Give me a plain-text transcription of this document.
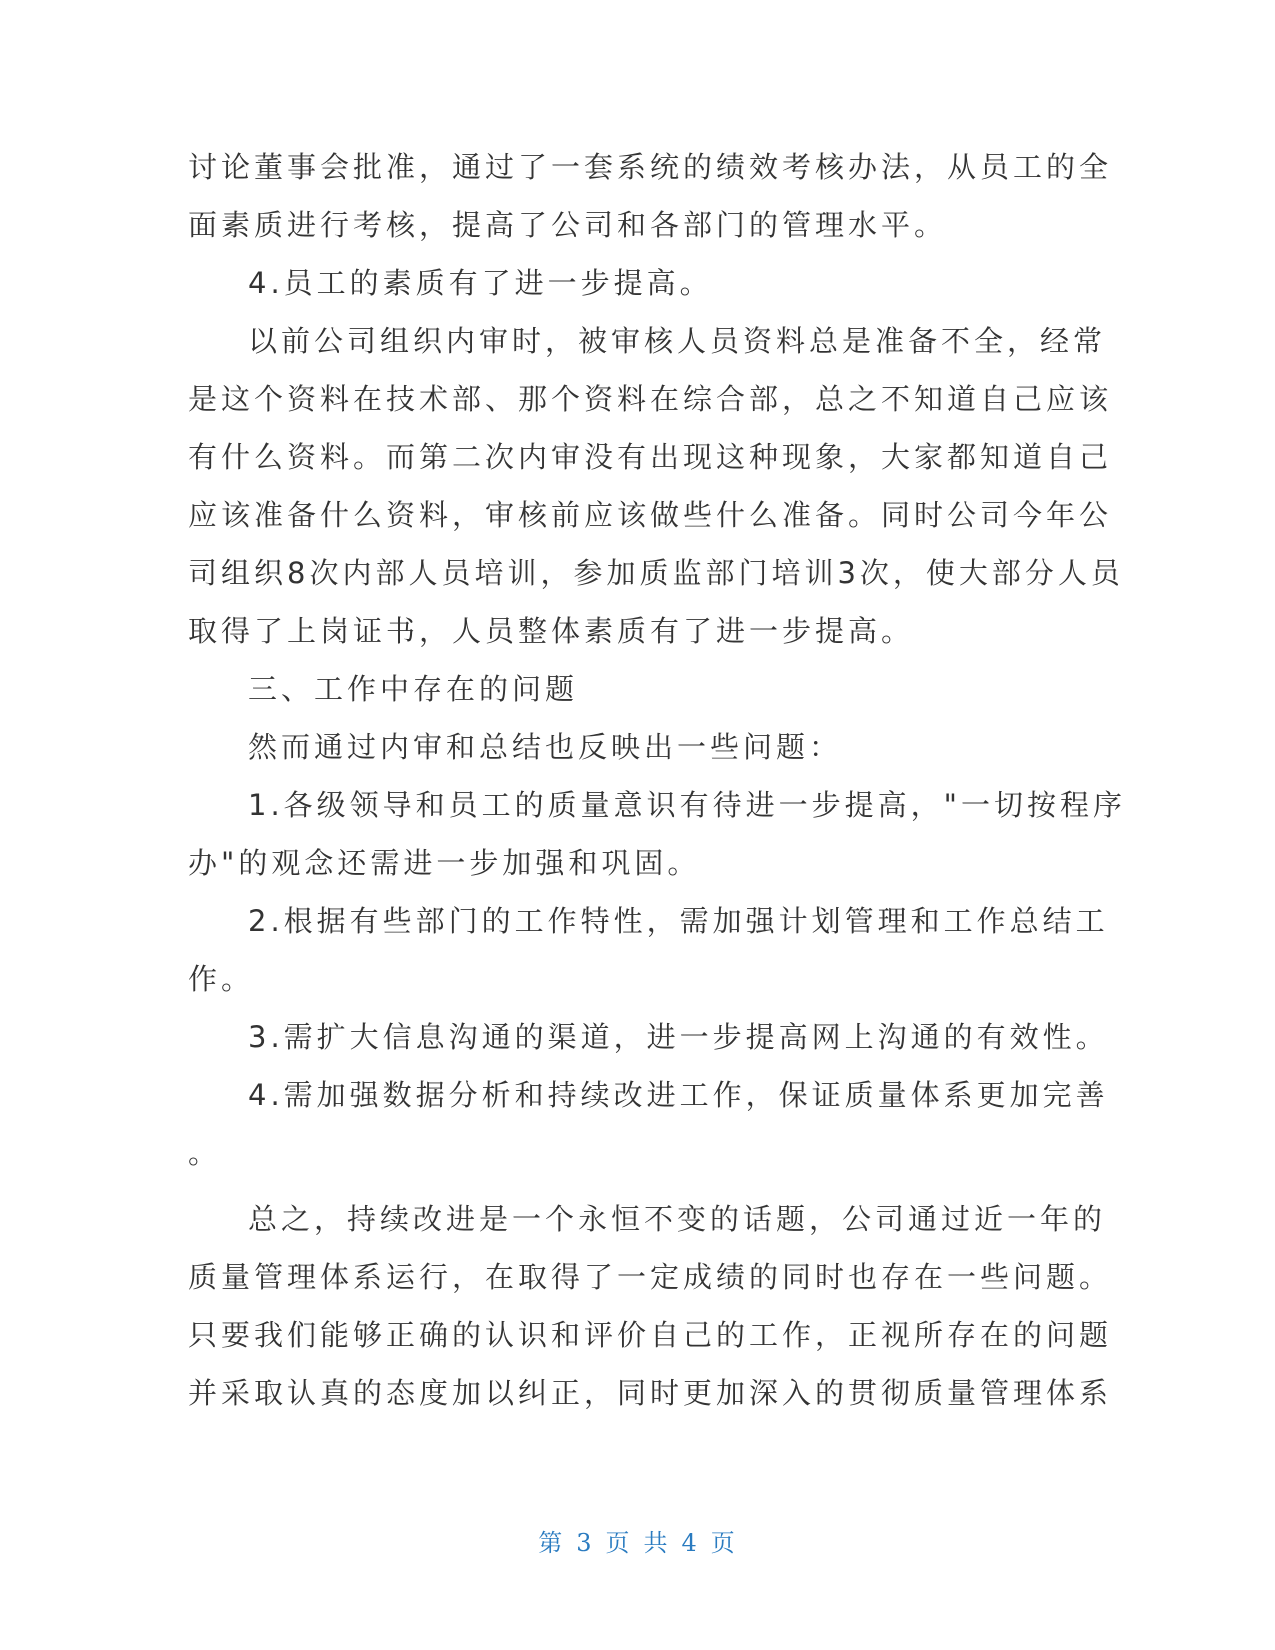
讨论董事会批准，通过了一套系统的绩效考核办法，从员工的全
面素质进行考核，提高了公司和各部门的管理水平。
4.员工的素质有了进一步提高。
以前公司组织内审时，被审核人员资料总是准备不全，经常
是这个资料在技术部、那个资料在综合部，总之不知道自己应该
有什么资料。而第二次内审没有出现这种现象，大家都知道自己
应该准备什么资料，审核前应该做些什么准备。同时公司今年公
司组织8次内部人员培训，参加质监部门培训3次，使大部分人员
取得了上岗证书，人员整体素质有了进一步提高。
三、工作中存在的问题
然而通过内审和总结也反映出一些问题：
1.各级领导和员工的质量意识有待进一步提高，"一切按程序
办"的观念还需进一步加强和巩固。
2.根据有些部门的工作特性，需加强计划管理和工作总结工
作。
3.需扩大信息沟通的渠道，进一步提高网上沟通的有效性。
4.需加强数据分析和持续改进工作，保证质量体系更加完善
。
总之，持续改进是一个永恒不变的话题，公司通过近一年的
质量管理体系运行，在取得了一定成绩的同时也存在一些问题。
只要我们能够正确的认识和评价自己的工作，正视所存在的问题
并采取认真的态度加以纠正，同时更加深入的贯彻质量管理体系
第 3 页 共 4 页
